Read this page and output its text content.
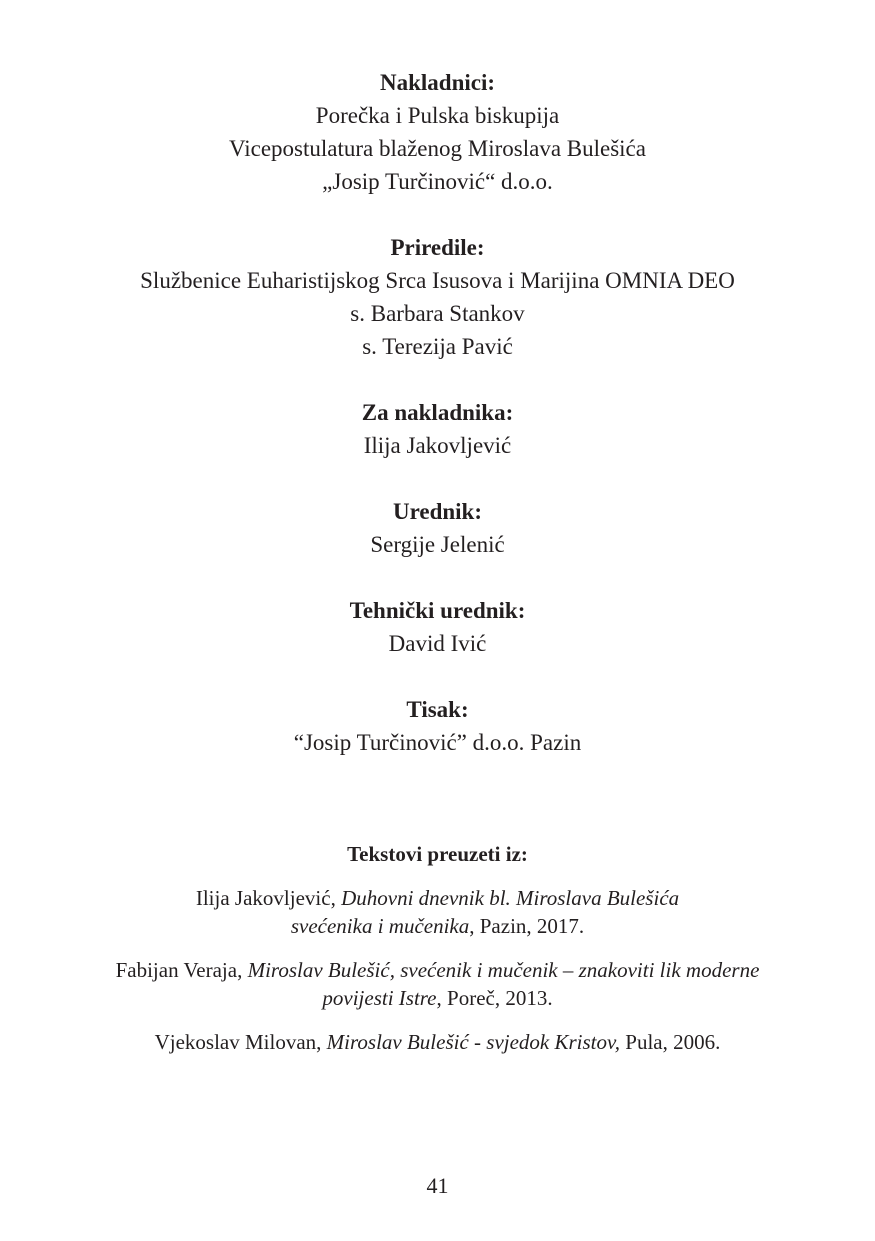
Nakladnici:
Porečka i Pulska biskupija
Vicepostulatura blaženog Miroslava Bulešića
„Josip Turčinović“ d.o.o.
Priredile:
Službenice Euharistijskog Srca Isusova i Marijina OMNIA DEO
s. Barbara Stankov
s. Terezija Pavić
Za nakladnika:
Ilija Jakovljević
Urednik:
Sergije Jelenić
Tehnički urednik:
David Ivić
Tisak:
“Josip Turčinović” d.o.o. Pazin
Tekstovi preuzeti iz:
Ilija Jakovljević, Duhovni dnevnik bl. Miroslava Bulešića
svećenika i mučenika, Pazin, 2017.
Fabijan Veraja, Miroslav Bulešić, svećenik i mučenik – znakoviti lik moderne
povijesti Istre, Poreč, 2013.
Vjekoslav Milovan, Miroslav Bulešić - svjedok Kristov, Pula, 2006.
41
